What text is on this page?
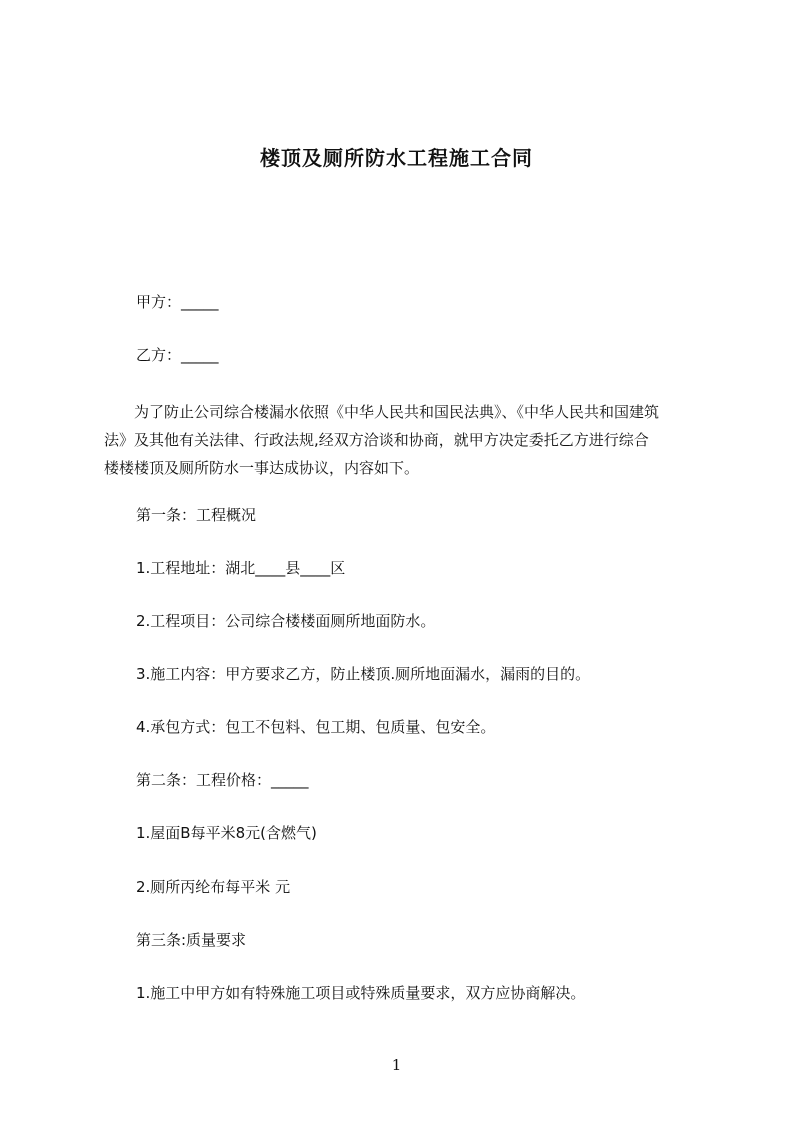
楼顶及厕所防水工程施工合同
甲方：_____
乙方：_____

　　为了防止公司综合楼漏水依照《中华人民共和国民法典》、《中华人民共和国建筑

法》及其他有关法律、行政法规,经双方洽谈和协商，就甲方决定委托乙方进行综合

楼楼楼顶及厕所防水一事达成协议，内容如下。

第一条：工程概况
1.工程地址：湖北____县____区
2.工程项目：公司综合楼楼面厕所地面防水。
3.施工内容：甲方要求乙方，防止楼顶.厕所地面漏水，漏雨的目的。
4.承包方式：包工不包料、包工期、包质量、包安全。
第二条：工程价格：_____
1.屋面B每平米8元(含燃气)
2.厕所丙纶布每平米 元
第三条:质量要求
1.施工中甲方如有特殊施工项目或特殊质量要求，双方应协商解决。
1
